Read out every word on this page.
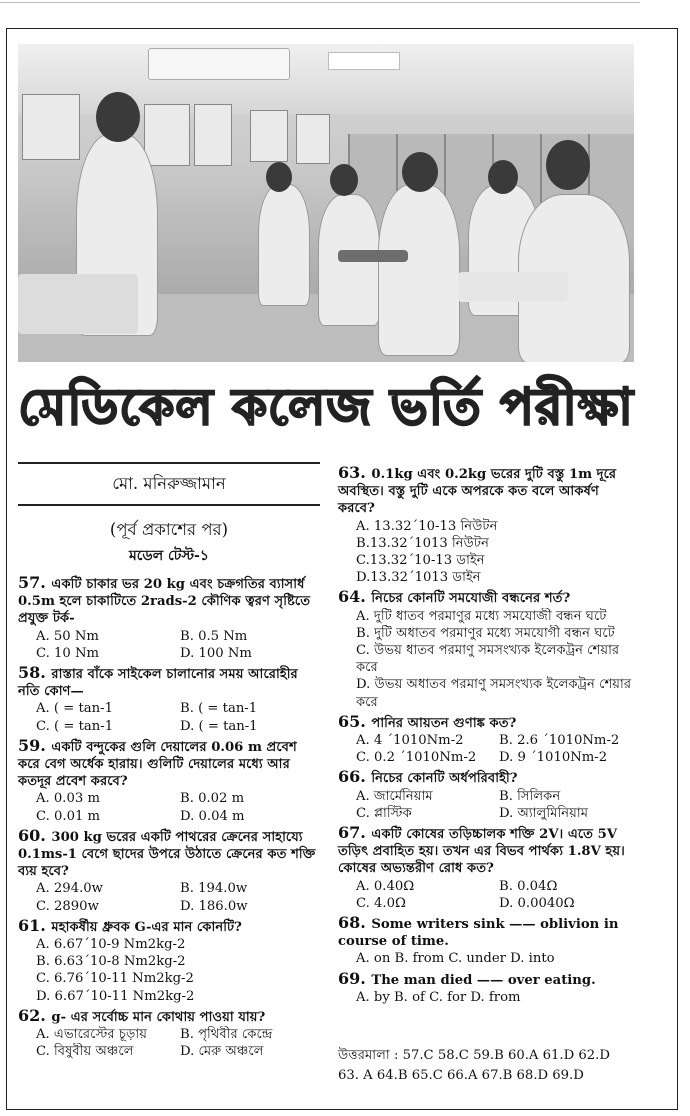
মেডিকেল কলেজ ভর্তি পরীক্ষা
মো. মনিরুজ্জামান
(পূর্ব প্রকাশের পর)
মডেল টেস্ট-১
57. একটি চাকার ভর 20 kg এবং চক্রগতির ব্যাসার্ধ 0.5m হলে চাকাটিতে 2rads-2 কৌণিক ত্বরণ সৃষ্টিতে প্রযুক্ত টর্ক-
A. 50 Nm	B. 0.5 Nm
C. 10 Nm	D. 100 Nm
58. রাস্তার বাঁকে সাইকেল চালানোর সময় আরোহীর নতি কোণ—
A. ( = tan-1	B. ( = tan-1
C. ( = tan-1	D. ( = tan-1
59. একটি বন্দুকের গুলি দেয়ালের 0.06 m প্রবেশ করে বেগ অর্ধেক হারায়। গুলিটি দেয়ালের মধ্যে আর কতদূর প্রবেশ করবে?
A. 0.03 m	B. 0.02 m
C. 0.01 m	D. 0.04 m
60. 300 kg ভরের একটি পাথরের ক্রেনের সাহায্যে 0.1ms-1 বেগে ছাদের উপরে উঠাতে ক্রেনের কত শক্তি ব্যয় হবে?
A. 294.0w	B. 194.0w
C. 2890w	D. 186.0w
61. মহাকর্ষীয় ধ্রুবক G-এর মান কোনটি?
A. 6.67´10-9 Nm2kg-2
B. 6.63´10-8 Nm2kg-2
C. 6.76´10-11 Nm2kg-2
D. 6.67´10-11 Nm2kg-2
62. g- এর সর্বোচ্চ মান কোথায় পাওয়া যায়?
A. এভারেস্টের চূড়ায়	B. পৃথিবীর কেন্দ্রে
C. বিষুবীয় অঞ্চলে	D. মেরু অঞ্চলে
63. 0.1kg এবং 0.2kg ভরের দুটি বস্তু 1m দূরে অবস্থিত। বস্তু দুটি একে অপরকে কত বলে আকর্ষণ করবে?
A. 13.32´10-13 নিউটন
B.13.32´1013 নিউটন
C.13.32´10-13 ডাইন
D.13.32´1013 ডাইন
64. নিচের কোনটি সমযোজী বন্ধনের শর্ত?
A. দুটি ধাতব পরমাণুর মধ্যে সমযোজী বন্ধন ঘটে
B. দুটি অধাতব পরমাণুর মধ্যে সমযোগী বন্ধন ঘটে
C. উভয় ধাতব পরমাণু সমসংখ্যক ইলেকট্রন শেয়ার করে
D. উভয় অধাতব পরমাণু সমসংখ্যক ইলেকট্রন শেয়ার করে
65. পানির আয়তন গুণাঙ্ক কত?
A. 4 ´1010Nm-2	B. 2.6 ´1010Nm-2
C. 0.2 ´1010Nm-2	D. 9 ´1010Nm-2
66. নিচের কোনটি অর্ধপরিবাহী?
A. জার্মেনিয়াম	B. সিলিকন
C. প্লাস্টিক	D. অ্যালুমিনিয়াম
67. একটি কোষের তড়িচ্চালক শক্তি 2V। এতে 5V তড়িৎ প্রবাহিত হয়। তখন এর বিভব পার্থক্য 1.8V হয়। কোষের অভ্যন্তরীণ রোধ কত?
A. 0.40Ω	B. 0.04Ω
C. 4.0Ω	D. 0.0040Ω
68. Some writers sink —— oblivion in course of time.
A. on B. from C. under D. into
69. The man died —— over eating.
A. by B. of C. for D. from
উত্তরমালা : 57.C 58.C 59.B 60.A 61.D 62.D
63. A 64.B 65.C 66.A 67.B 68.D 69.D
